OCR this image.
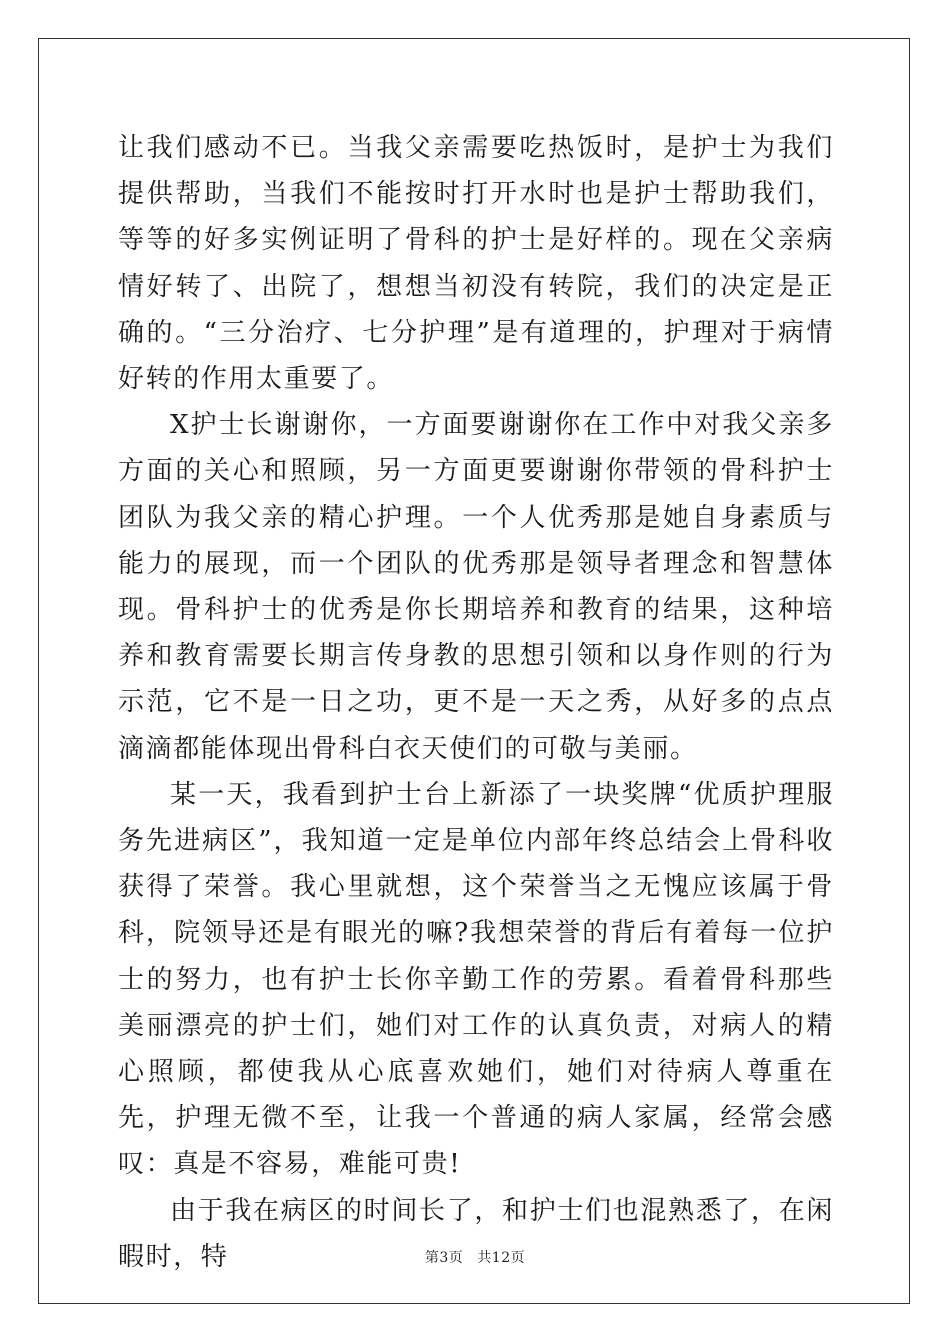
让我们感动不已。当我父亲需要吃热饭时，是护士为我们提供帮助，当我们不能按时打开水时也是护士帮助我们，等等的好多实例证明了骨科的护士是好样的。现在父亲病情好转了、出院了，想想当初没有转院，我们的决定是正确的。“三分治疗、七分护理”是有道理的，护理对于病情好转的作用太重要了。

X护士长谢谢你，一方面要谢谢你在工作中对我父亲多方面的关心和照顾，另一方面更要谢谢你带领的骨科护士团队为我父亲的精心护理。一个人优秀那是她自身素质与能力的展现，而一个团队的优秀那是领导者理念和智慧体现。骨科护士的优秀是你长期培养和教育的结果，这种培养和教育需要长期言传身教的思想引领和以身作则的行为示范，它不是一日之功，更不是一天之秀，从好多的点点滴滴都能体现出骨科白衣天使们的可敬与美丽。

某一天，我看到护士台上新添了一块奖牌“优质护理服务先进病区”，我知道一定是单位内部年终总结会上骨科收获得了荣誉。我心里就想，这个荣誉当之无愧应该属于骨科，院领导还是有眼光的嘛?我想荣誉的背后有着每一位护士的努力，也有护士长你辛勤工作的劳累。看着骨科那些美丽漂亮的护士们，她们对工作的认真负责，对病人的精心照顾，都使我从心底喜欢她们，她们对待病人尊重在先，护理无微不至，让我一个普通的病人家属，经常会感叹：真是不容易，难能可贵!

由于我在病区的时间长了，和护士们也混熟悉了，在闲暇时，特	第3页 共12页
